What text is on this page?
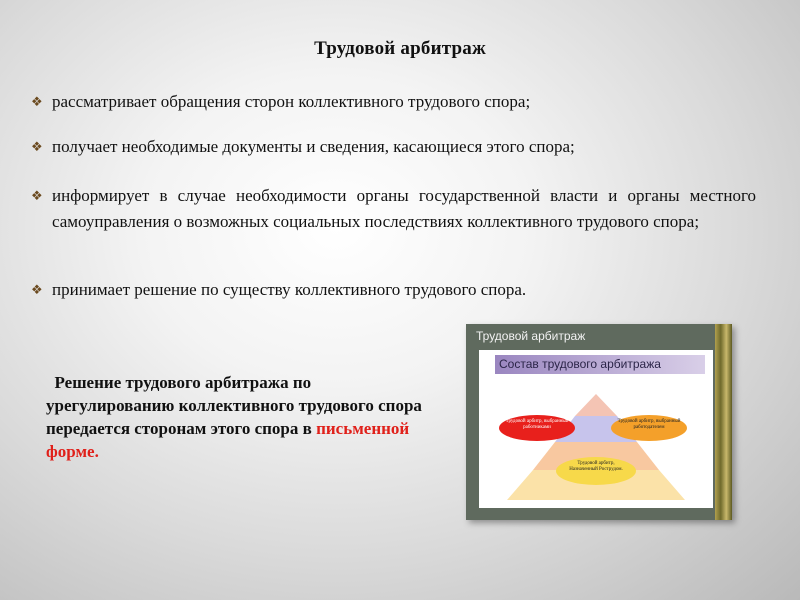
Трудовой арбитраж
❖ рассматривает обращения сторон коллективного трудового спора;
❖ получает необходимые документы и сведения, касающиеся этого спора;
❖ информирует в случае необходимости органы государственной власти и органы местного самоуправления о возможных социальных последствиях коллективного трудового спора;
❖ принимает решение по существу коллективного трудового спора.
Решение трудового арбитража по урегулированию коллективного трудового спора передается сторонам этого спора в письменной форме.
Трудовой арбитраж
Состав трудового арбитража
Трудовой арбитр, выбранный работниками
Трудовой арбитр, выбранный работодателем
Трудовой арбитр, Назначенный Рострудом.
